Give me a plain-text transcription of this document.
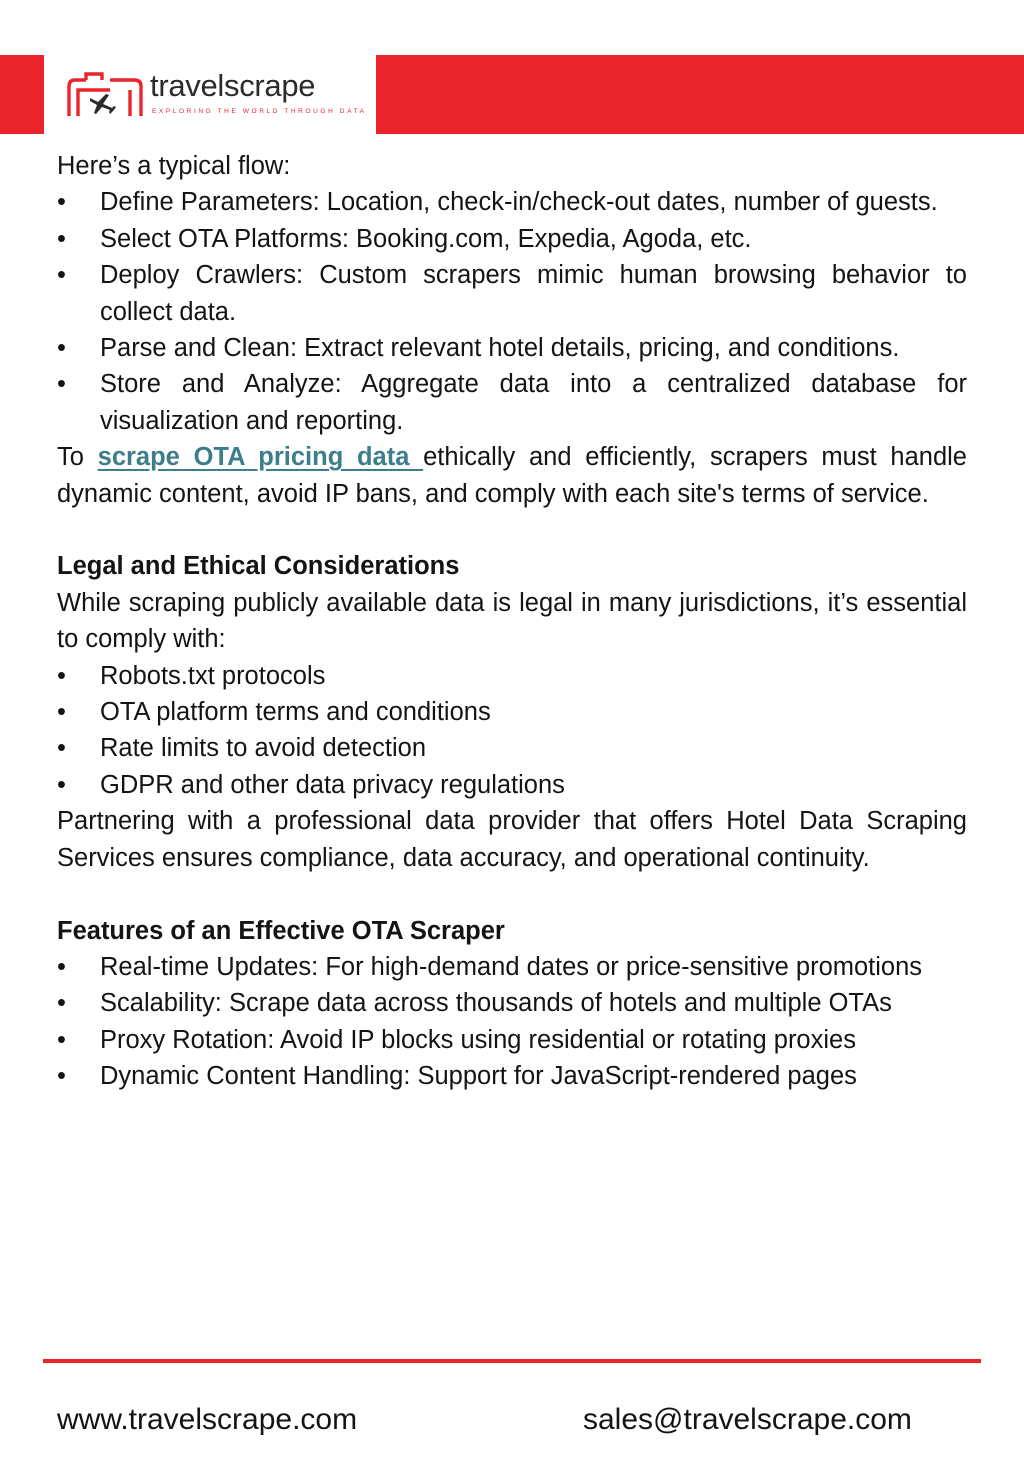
travelscrape
EXPLORING THE WORLD THROUGH DATA

Here’s a typical flow:

• Define Parameters: Location, check-in/check-out dates, number of guests.
• Select OTA Platforms: Booking.com, Expedia, Agoda, etc.
• Deploy Crawlers: Custom scrapers mimic human browsing behavior to collect data.
• Parse and Clean: Extract relevant hotel details, pricing, and conditions.
• Store and Analyze: Aggregate data into a centralized database for visualization and reporting.

To scrape OTA pricing data ethically and efficiently, scrapers must handle dynamic content, avoid IP bans, and comply with each site's terms of service.

Legal and Ethical Considerations

While scraping publicly available data is legal in many jurisdictions, it’s essential to comply with:

• Robots.txt protocols
• OTA platform terms and conditions
• Rate limits to avoid detection
• GDPR and other data privacy regulations

Partnering with a professional data provider that offers Hotel Data Scraping Services ensures compliance, data accuracy, and operational continuity.

Features of an Effective OTA Scraper
• Real-time Updates: For high-demand dates or price-sensitive promotions
• Scalability: Scrape data across thousands of hotels and multiple OTAs
• Proxy Rotation: Avoid IP blocks using residential or rotating proxies
• Dynamic Content Handling: Support for JavaScript-rendered pages
www.travelscrape.com	sales@travelscrape.com
